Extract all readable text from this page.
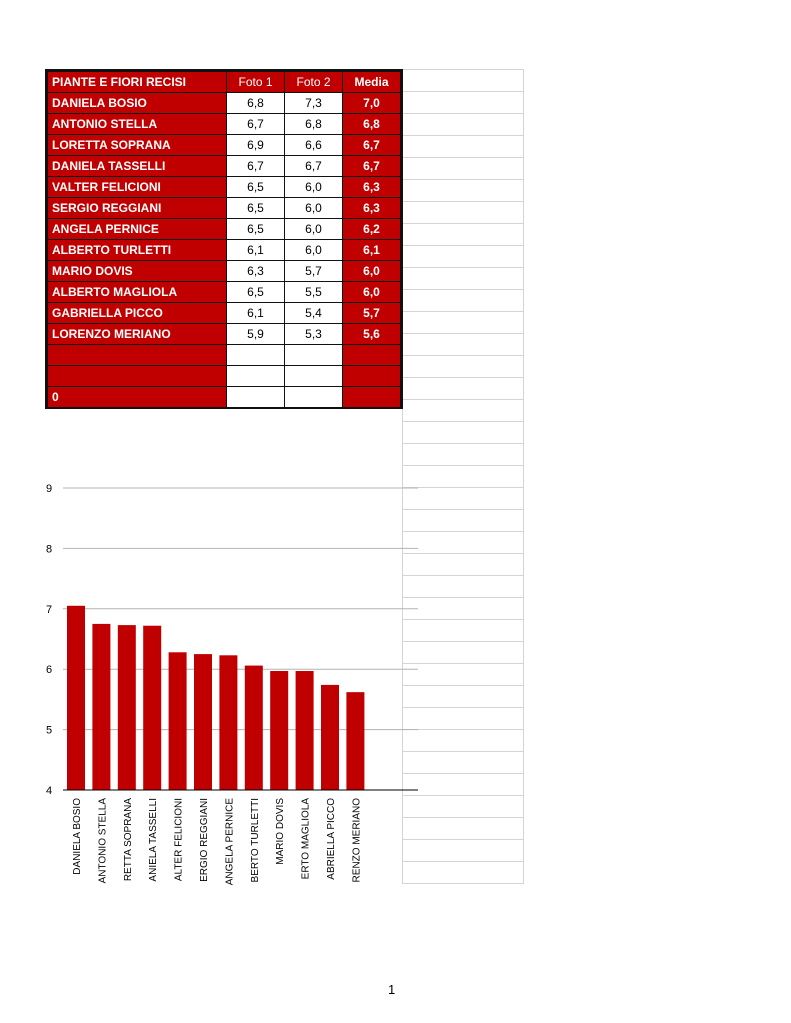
PIANTE E FIORI RECISI	Foto 1	Foto 2	Media
DANIELA BOSIO	6,8	7,3	7,0
ANTONIO STELLA	6,7	6,8	6,8
LORETTA SOPRANA	6,9	6,6	6,7
DANIELA TASSELLI	6,7	6,7	6,7
VALTER FELICIONI	6,5	6,0	6,3
SERGIO REGGIANI	6,5	6,0	6,3
ANGELA PERNICE	6,5	6,0	6,2
ALBERTO TURLETTI	6,1	6,0	6,1
MARIO DOVIS	6,3	5,7	6,0
ALBERTO MAGLIOLA	6,5	5,5	6,0
GABRIELLA PICCO	6,1	5,4	5,7
LORENZO MERIANO	5,9	5,3	5,6

0			
4
5
6
7
8
9
DANIELA BOSIO ANTONIO STELLA RETTA SOPRANA ANIELA TASSELLI ALTER FELICIONI ERGIO REGGIANI ANGELA PERNICE BERTO TURLETTI MARIO DOVIS ERTO MAGLIOLA ABRIELLA PICCO RENZO MERIANO
1
